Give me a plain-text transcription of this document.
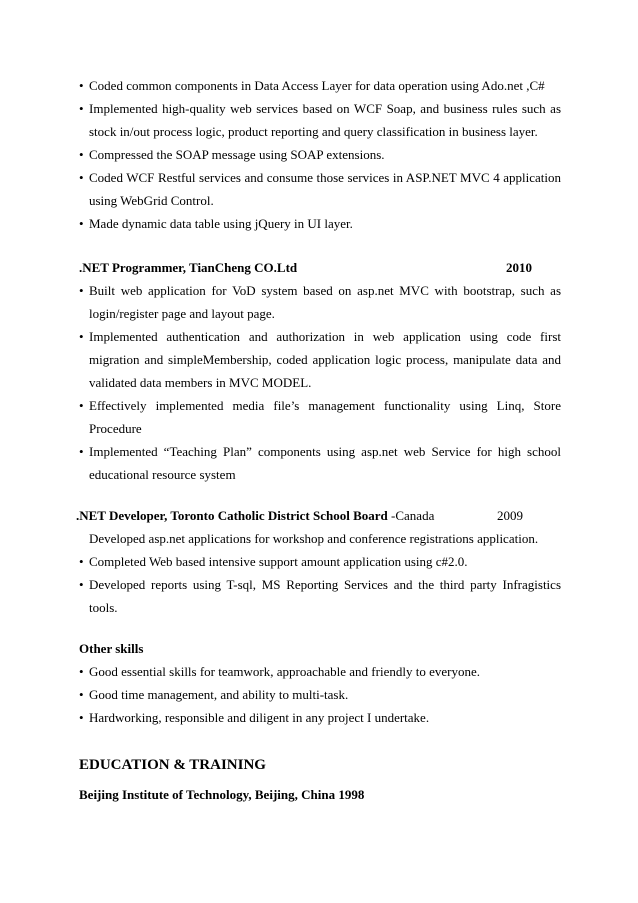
• Coded common components in Data Access Layer for data operation using Ado.net ,C#
• Implemented high-quality web services based on WCF Soap, and business rules such as stock in/out process logic, product reporting and query classification in business layer.
• Compressed the SOAP message using SOAP extensions.
• Coded WCF Restful services and consume those services in ASP.NET MVC 4 application using WebGrid Control.
• Made dynamic data table using jQuery in UI layer.
.NET Programmer, TianCheng CO.Ltd	2010
• Built web application for VoD system based on asp.net MVC with bootstrap, such as login/register page and layout page.
• Implemented authentication and authorization in web application using code first migration and simpleMembership, coded application logic process, manipulate data and validated data members in MVC MODEL.
• Effectively implemented media file’s management functionality using Linq, Store Procedure
• Implemented “Teaching Plan” components using asp.net web Service for high school educational resource system
.NET Developer, Toronto Catholic District School Board -Canada	2009
Developed asp.net applications for workshop and conference registrations application.
• Completed Web based intensive support amount application using c#2.0.
• Developed reports using T-sql, MS Reporting Services and the third party Infragistics tools.
Other skills
• Good essential skills for teamwork, approachable and friendly to everyone.
• Good time management, and ability to multi-task.
• Hardworking, responsible and diligent in any project I undertake.
EDUCATION & TRAINING
Beijing Institute of Technology, Beijing, China 1998
